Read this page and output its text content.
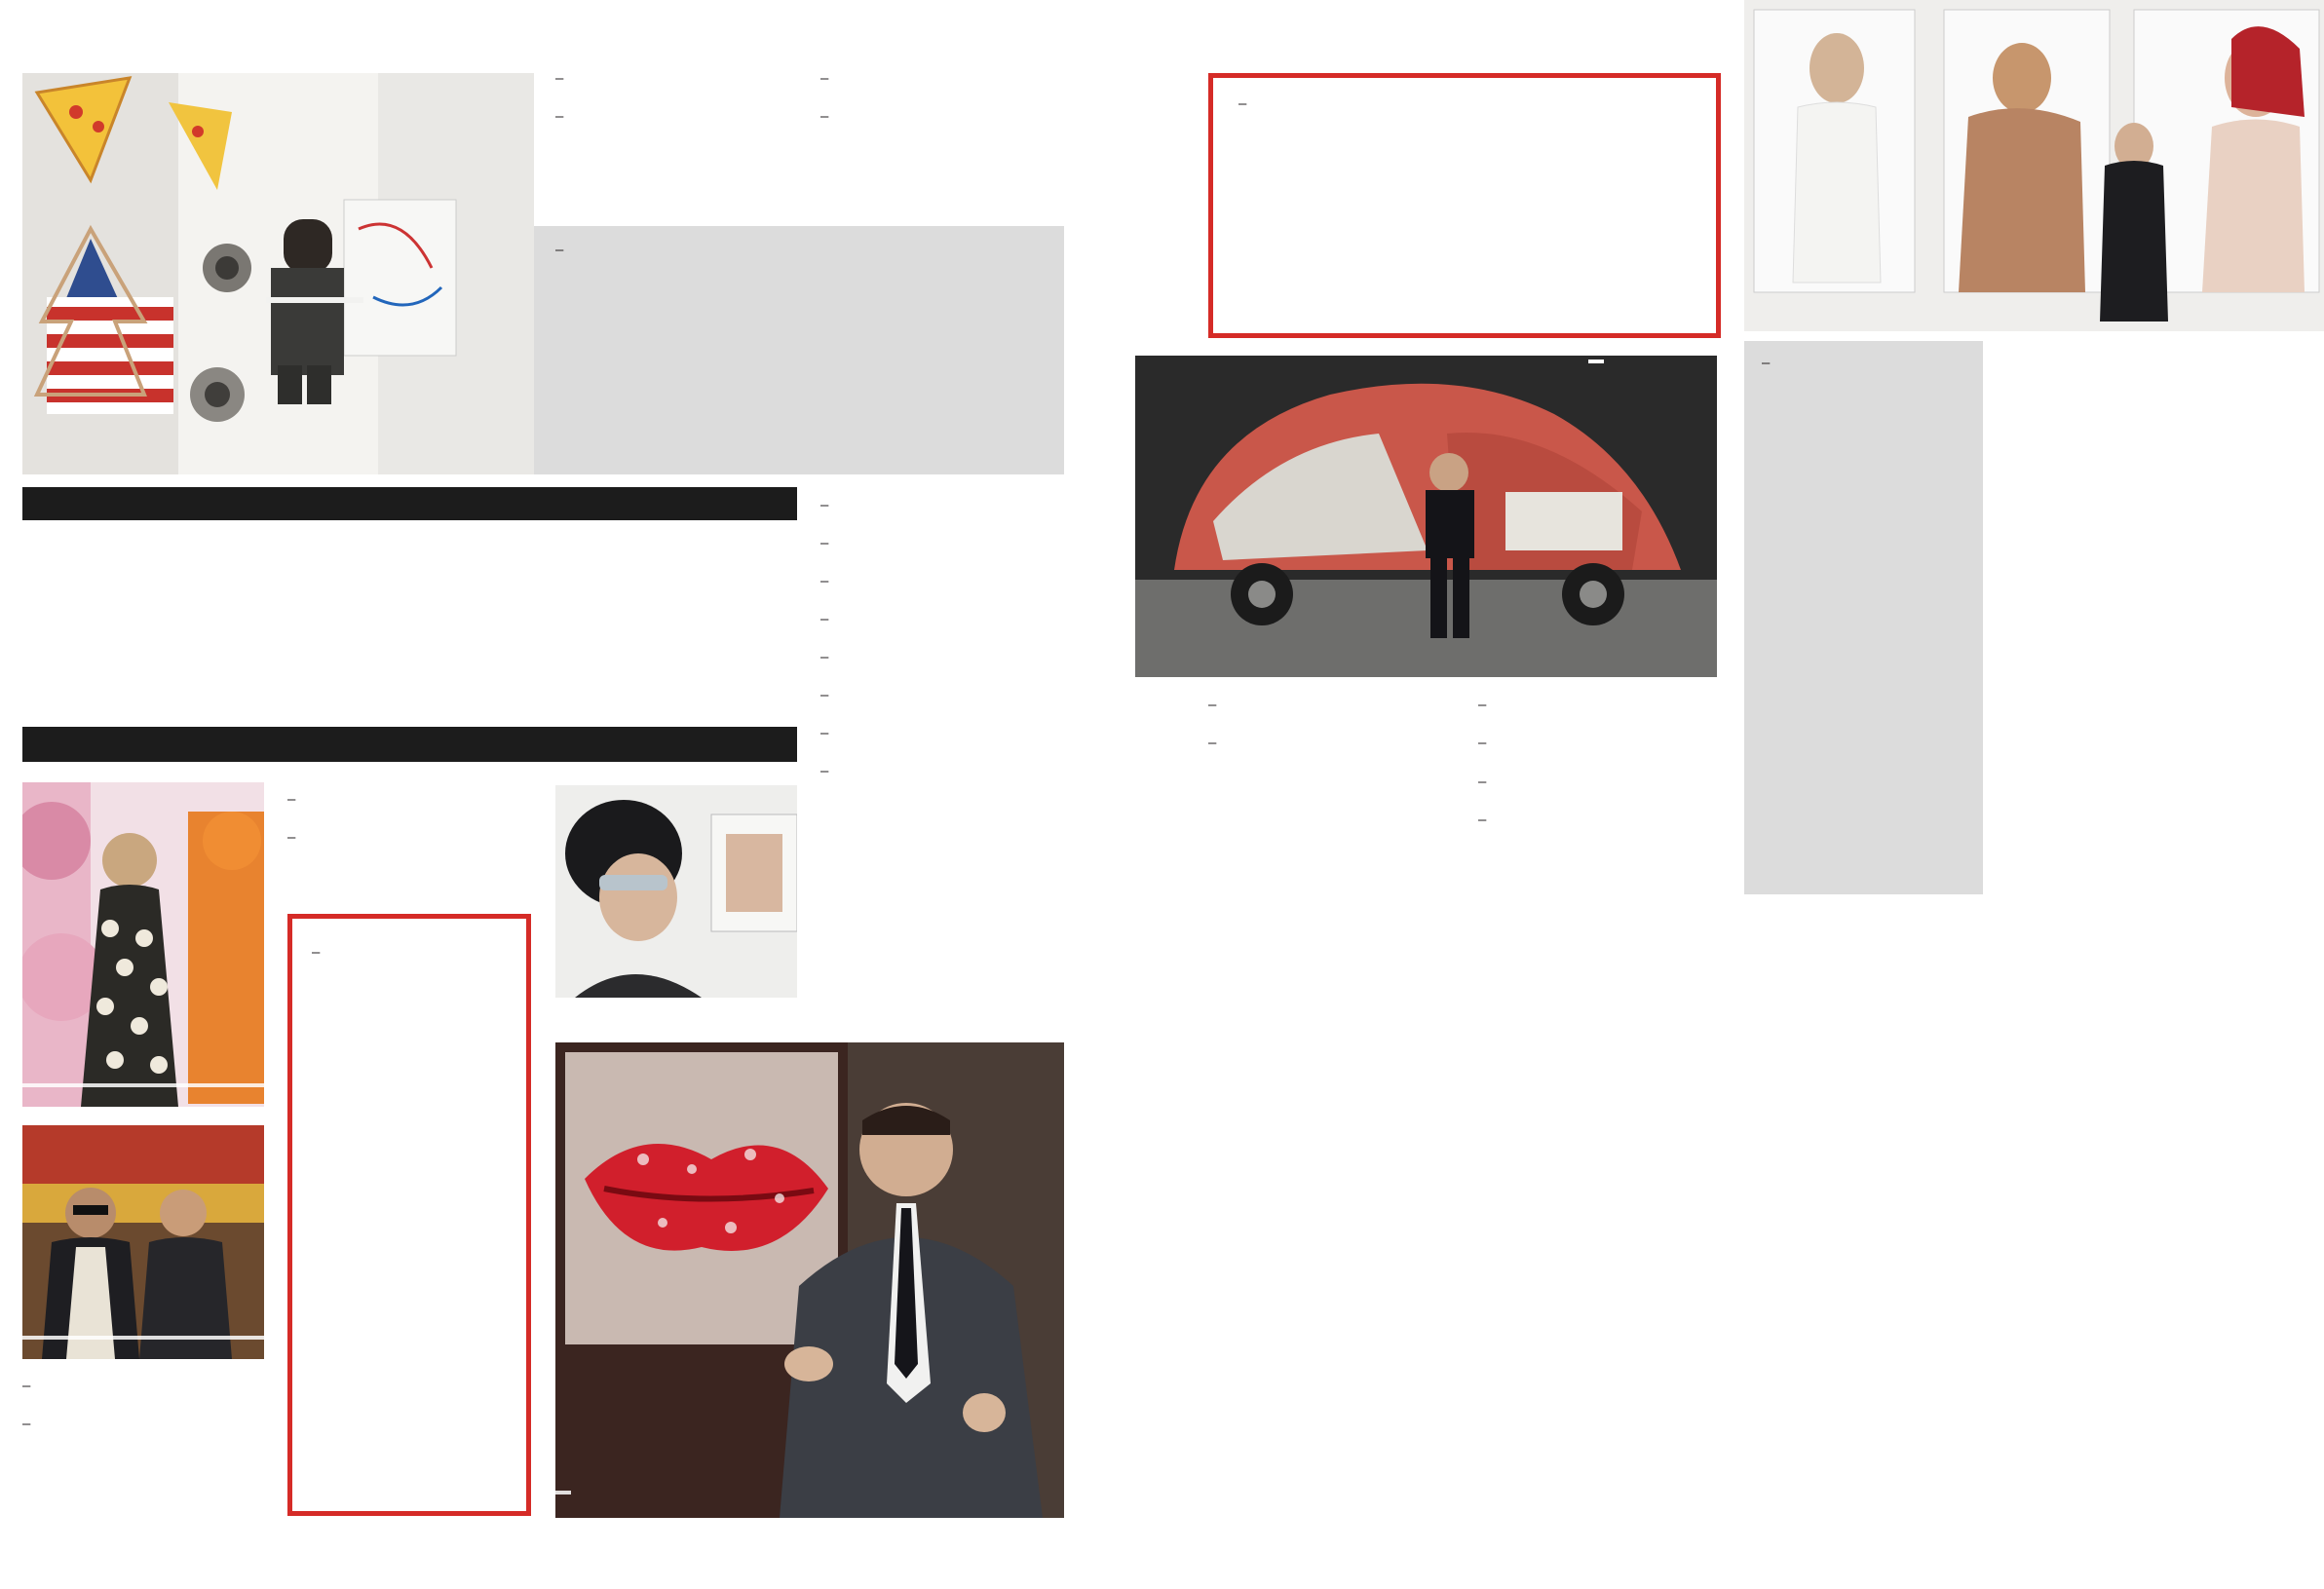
–
–
–
–
–
–
–
–
–
–
–
–
–
–
–
–
–
–
–
–
–
–	–
–
–
–
